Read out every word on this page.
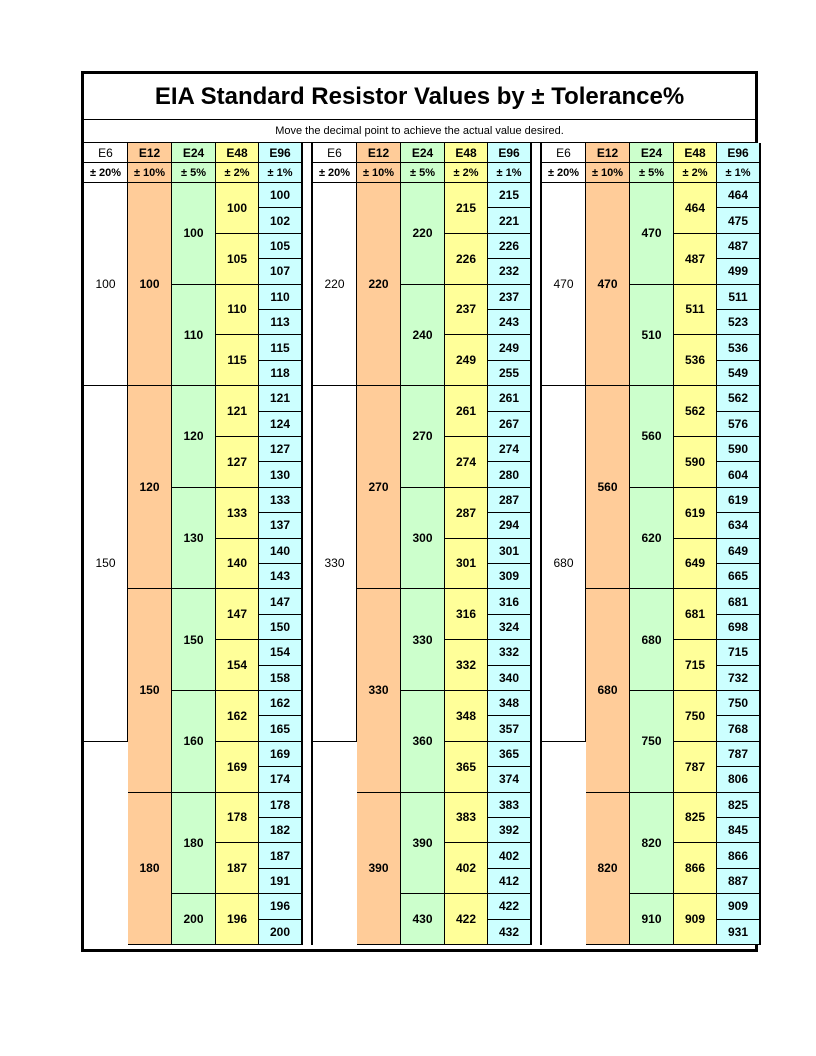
EIA Standard Resistor Values by ± Tolerance%
Move the decimal point to achieve the actual value desired.
E6
± 20%
100
150
E12
± 10%
100
120
150
180
E24
± 5%
100
110
120
130
150
160
180
200
E48
± 2%
100
105
110
115
121
127
133
140
147
154
162
169
178
187
196
E96
± 1%
100
102
105
107
110
113
115
118
121
124
127
130
133
137
140
143
147
150
154
158
162
165
169
174
178
182
187
191
196
200
E6
± 20%
220
330
E12
± 10%
220
270
330
390
E24
± 5%
220
240
270
300
330
360
390
430
E48
± 2%
215
226
237
249
261
274
287
301
316
332
348
365
383
402
422
E96
± 1%
215
221
226
232
237
243
249
255
261
267
274
280
287
294
301
309
316
324
332
340
348
357
365
374
383
392
402
412
422
432
E6
± 20%
470
680
E12
± 10%
470
560
680
820
E24
± 5%
470
510
560
620
680
750
820
910
E48
± 2%
464
487
511
536
562
590
619
649
681
715
750
787
825
866
909
E96
± 1%
464
475
487
499
511
523
536
549
562
576
590
604
619
634
649
665
681
698
715
732
750
768
787
806
825
845
866
887
909
931
